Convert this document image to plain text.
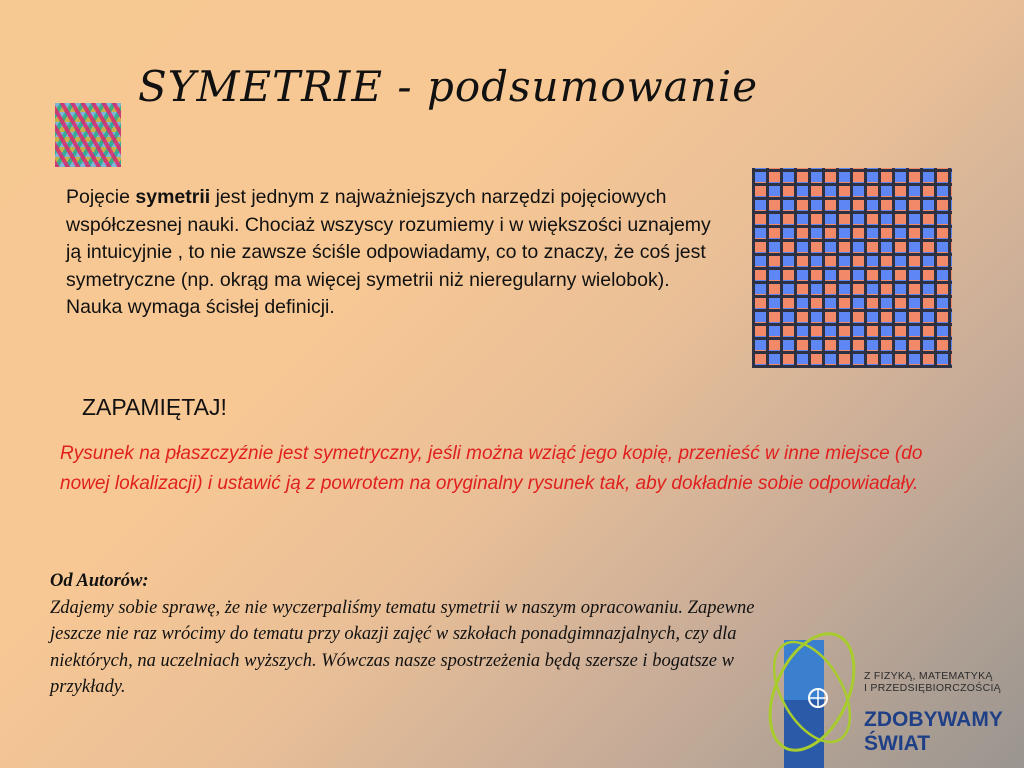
SYMETRIE - podsumowanie

Pojęcie symetrii jest jednym z najważniejszych narzędzi pojęciowych współczesnej nauki. Chociaż wszyscy rozumiemy i w większości uznajemy ją intuicyjnie , to nie zawsze ściśle odpowiadamy, co to znaczy, że coś jest symetryczne (np. okrąg ma więcej symetrii niż nieregularny wielobok).

Nauka wymaga ścisłej definicji.

ZAPAMIĘTAJ!
Rysunek na płaszczyźnie jest symetryczny, jeśli można wziąć jego kopię, przenieść w inne miejsce (do nowej lokalizacji) i ustawić ją z powrotem na oryginalny rysunek tak, aby dokładnie sobie odpowiadały.

Od Autorów:

Zdajemy sobie sprawę, że nie wyczerpaliśmy tematu symetrii w naszym opracowaniu. Zapewne jeszcze nie raz wrócimy do tematu przy okazji zajęć w szkołach ponadgimnazjalnych, czy dla niektórych, na uczelniach wyższych. Wówczas nasze spostrzeżenia będą szersze i bogatsze w przykłady.

Z FIZYKĄ, MATEMATYKĄ
I PRZEDSIĘBIORCZOŚCIĄ
ZDOBYWAMY
ŚWIAT
